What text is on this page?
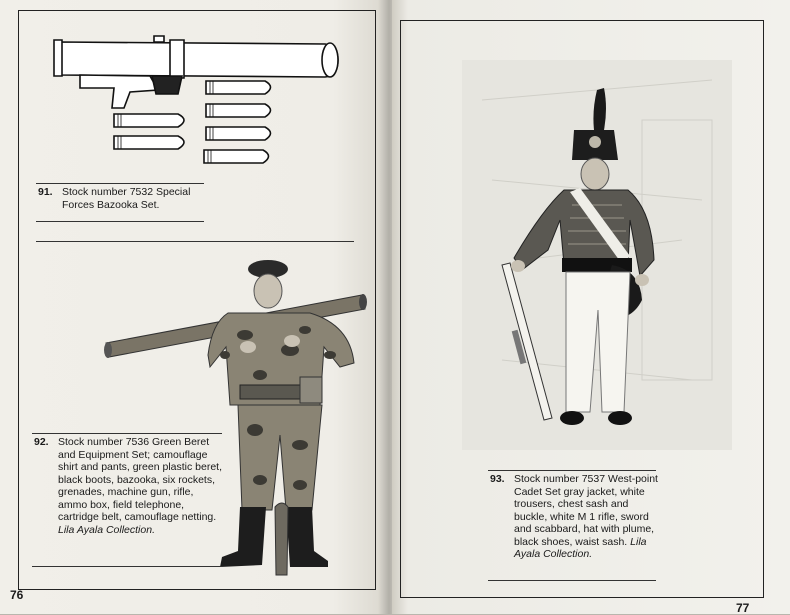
91. Stock number 7532 Special Forces Bazooka Set.
92. Stock number 7536 Green Beret and Equipment Set; camouflage shirt and pants, green plastic beret, black boots, bazooka, six rockets, grenades, machine gun, rifle, ammo box, field telephone, cartridge belt, camouflage netting. Lila Ayala Collection.
76
93. Stock number 7537 West-point Cadet Set gray jacket, white trousers, chest sash and buckle, white M 1 rifle, sword and scabbard, hat with plume, black shoes, waist sash. Lila Ayala Collection.
77
